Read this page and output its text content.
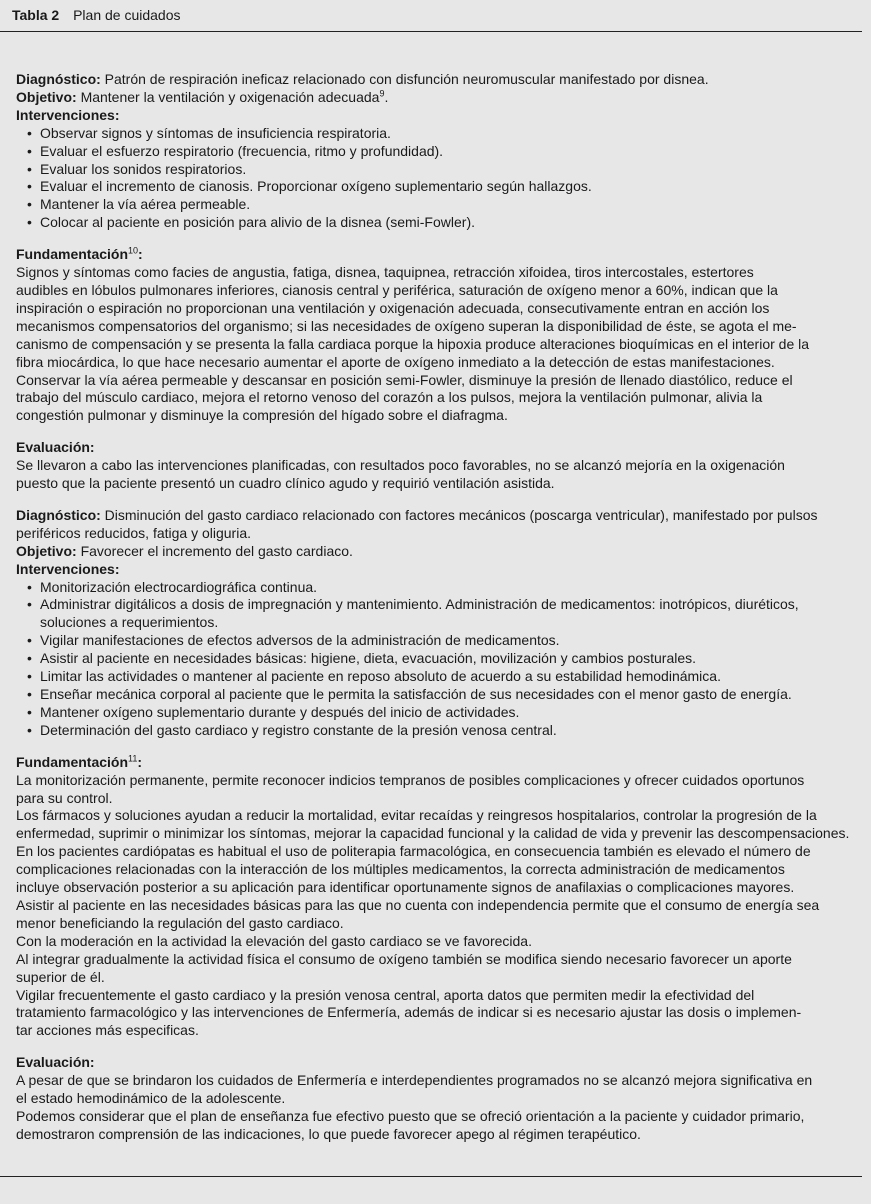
Tabla 2 Plan de cuidados
Diagnóstico: Patrón de respiración ineficaz relacionado con disfunción neuromuscular manifestado por disnea.
Objetivo: Mantener la ventilación y oxigenación adecuada$^9$.
Intervenciones:
• Observar signos y síntomas de insuficiencia respiratoria.
• Evaluar el esfuerzo respiratorio (frecuencia, ritmo y profundidad).
• Evaluar los sonidos respiratorios.
• Evaluar el incremento de cianosis. Proporcionar oxígeno suplementario según hallazgos.
• Mantener la vía aérea permeable.
• Colocar al paciente en posición para alivio de la disnea (semi-Fowler).
Fundamentación$^{10}$:
Signos y síntomas como facies de angustia, fatiga, disnea, taquipnea, retracción xifoidea, tiros intercostales, estertores
audibles en lóbulos pulmonares inferiores, cianosis central y periférica, saturación de oxígeno menor a 60%, indican que la
inspiración o espiración no proporcionan una ventilación y oxigenación adecuada, consecutivamente entran en acción los
mecanismos compensatorios del organismo; si las necesidades de oxígeno superan la disponibilidad de éste, se agota el me-
canismo de compensación y se presenta la falla cardiaca porque la hipoxia produce alteraciones bioquímicas en el interior de la
fibra miocárdica, lo que hace necesario aumentar el aporte de oxígeno inmediato a la detección de estas manifestaciones.
Conservar la vía aérea permeable y descansar en posición semi-Fowler, disminuye la presión de llenado diastólico, reduce el
trabajo del músculo cardiaco, mejora el retorno venoso del corazón a los pulsos, mejora la ventilación pulmonar, alivia la
congestión pulmonar y disminuye la compresión del hígado sobre el diafragma.
Evaluación:
Se llevaron a cabo las intervenciones planificadas, con resultados poco favorables, no se alcanzó mejoría en la oxigenación
puesto que la paciente presentó un cuadro clínico agudo y requirió ventilación asistida.
Diagnóstico: Disminución del gasto cardiaco relacionado con factores mecánicos (poscarga ventricular), manifestado por pulsos
periféricos reducidos, fatiga y oliguria.
Objetivo: Favorecer el incremento del gasto cardiaco.
Intervenciones:
• Monitorización electrocardiográfica continua.
• Administrar digitálicos a dosis de impregnación y mantenimiento. Administración de medicamentos: inotrópicos, diuréticos,
soluciones a requerimientos.
• Vigilar manifestaciones de efectos adversos de la administración de medicamentos.
• Asistir al paciente en necesidades básicas: higiene, dieta, evacuación, movilización y cambios posturales.
• Limitar las actividades o mantener al paciente en reposo absoluto de acuerdo a su estabilidad hemodinámica.
• Enseñar mecánica corporal al paciente que le permita la satisfacción de sus necesidades con el menor gasto de energía.
• Mantener oxígeno suplementario durante y después del inicio de actividades.
• Determinación del gasto cardiaco y registro constante de la presión venosa central.
Fundamentación$^{11}$:
La monitorización permanente, permite reconocer indicios tempranos de posibles complicaciones y ofrecer cuidados oportunos
para su control.
Los fármacos y soluciones ayudan a reducir la mortalidad, evitar recaídas y reingresos hospitalarios, controlar la progresión de la
enfermedad, suprimir o minimizar los síntomas, mejorar la capacidad funcional y la calidad de vida y prevenir las descompensaciones.
En los pacientes cardiópatas es habitual el uso de politerapia farmacológica, en consecuencia también es elevado el número de
complicaciones relacionadas con la interacción de los múltiples medicamentos, la correcta administración de medicamentos
incluye observación posterior a su aplicación para identificar oportunamente signos de anafilaxias o complicaciones mayores.
Asistir al paciente en las necesidades básicas para las que no cuenta con independencia permite que el consumo de energía sea
menor beneficiando la regulación del gasto cardiaco.
Con la moderación en la actividad la elevación del gasto cardiaco se ve favorecida.
Al integrar gradualmente la actividad física el consumo de oxígeno también se modifica siendo necesario favorecer un aporte
superior de él.
Vigilar frecuentemente el gasto cardiaco y la presión venosa central, aporta datos que permiten medir la efectividad del
tratamiento farmacológico y las intervenciones de Enfermería, además de indicar si es necesario ajustar las dosis o implemen-
tar acciones más especificas.
Evaluación:
A pesar de que se brindaron los cuidados de Enfermería e interdependientes programados no se alcanzó mejora significativa en
el estado hemodinámico de la adolescente.
Podemos considerar que el plan de enseñanza fue efectivo puesto que se ofreció orientación a la paciente y cuidador primario,
demostraron comprensión de las indicaciones, lo que puede favorecer apego al régimen terapéutico.
